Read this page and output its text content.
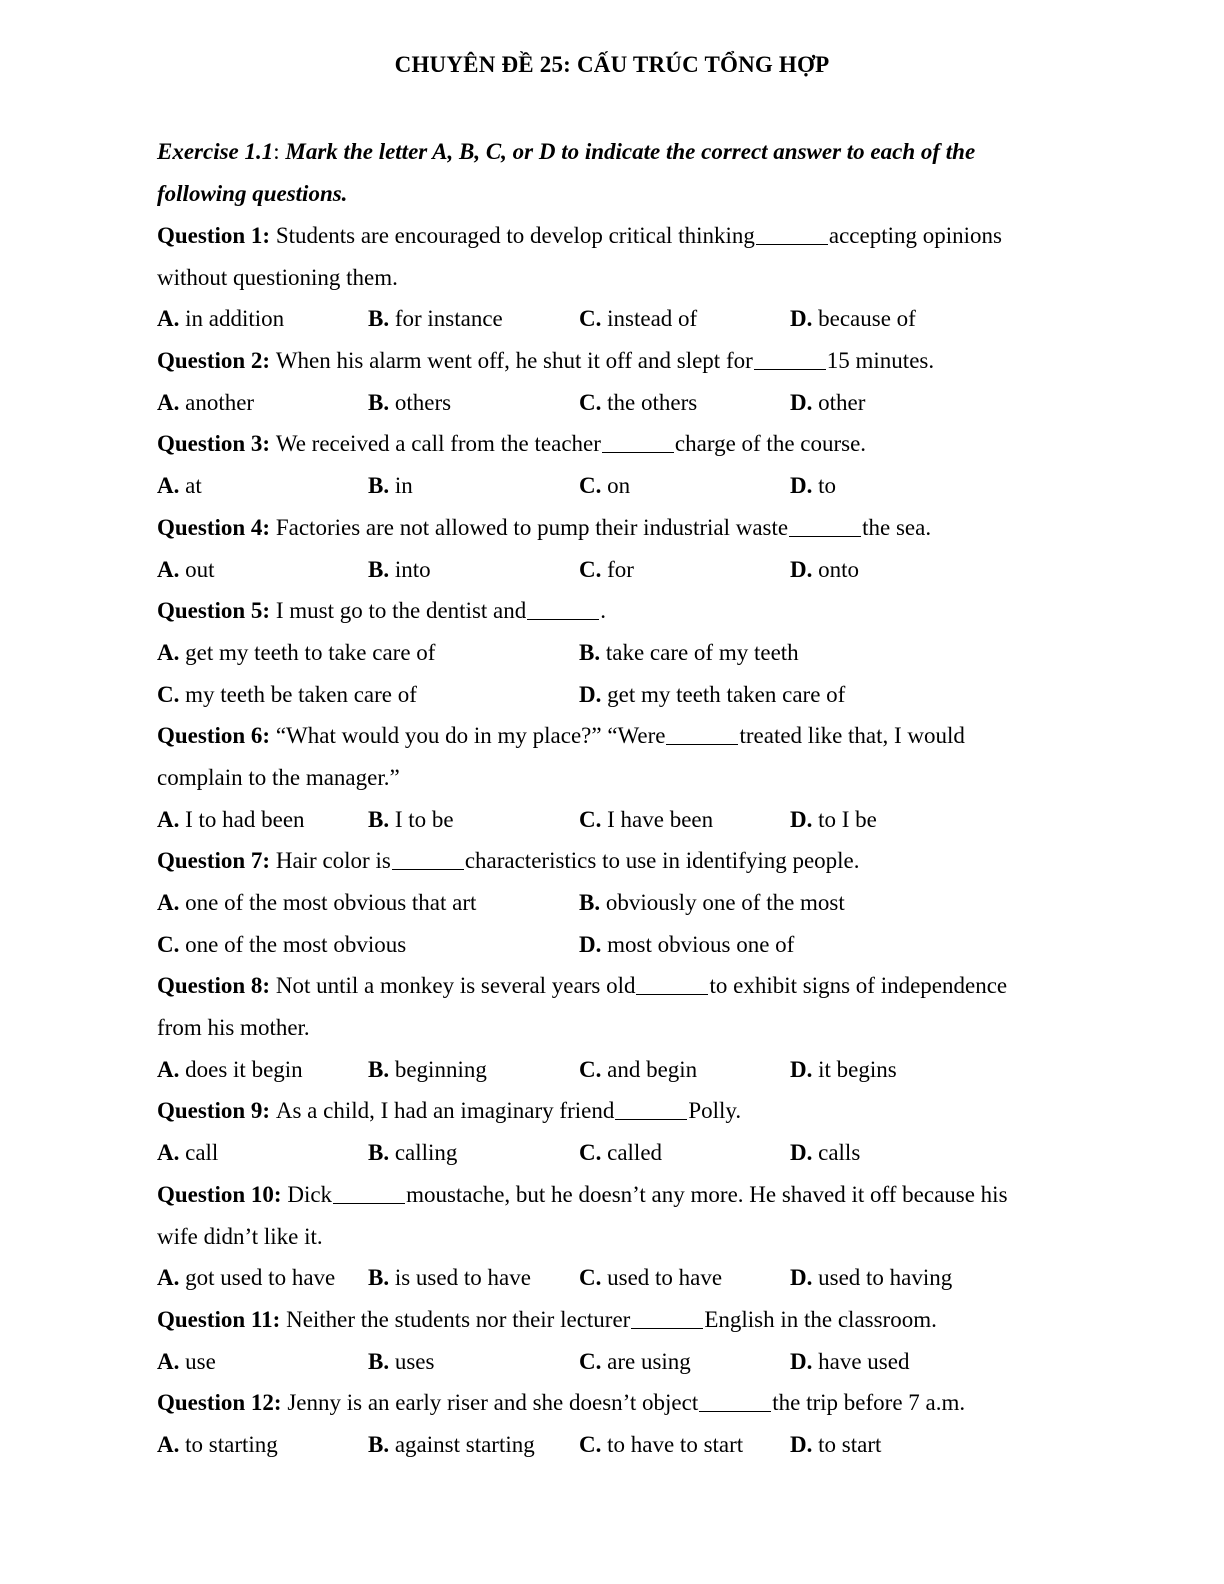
CHUYÊN ĐỀ 25: CẤU TRÚC TỔNG HỢP
Exercise 1.1: Mark the letter A, B, C, or D to indicate the correct answer to each of the
following questions.
Question 1: Students are encouraged to develop critical thinking	accepting opinions
without questioning them.
A. in addition	B. for instance	C. instead of	D. because of
Question 2: When his alarm went off, he shut it off and slept for	15 minutes.
A. another	B. others	C. the others	D. other
Question 3: We received a call from the teacher	charge of the course.
A. at	B. in	C. on	D. to
Question 4: Factories are not allowed to pump their industrial waste	the sea.
A. out	B. into	C. for	D. onto
Question 5: I must go to the dentist and	.
A. get my teeth to take care of	B. take care of my teeth
C. my teeth be taken care of	D. get my teeth taken care of
Question 6: “What would you do in my place?” “Were	treated like that, I would
complain to the manager.”
A. I to had been	B. I to be	C. I have been	D. to I be
Question 7: Hair color is	characteristics to use in identifying people.
A. one of the most obvious that art	B. obviously one of the most
C. one of the most obvious	D. most obvious one of
Question 8: Not until a monkey is several years old	to exhibit signs of independence
from his mother.
A. does it begin	B. beginning	C. and begin	D. it begins
Question 9: As a child, I had an imaginary friend	Polly.
A. call	B. calling	C. called	D. calls
Question 10: Dick	moustache, but he doesn’t any more. He shaved it off because his
wife didn’t like it.
A. got used to have B. is used to have C. used to have	D. used to having
Question 11: Neither the students nor their lecturer	English in the classroom.
A. use	B. uses	C. are using	D. have used
Question 12: Jenny is an early riser and she doesn’t object	the trip before 7 a.m.
A. to starting	B. against starting C. to have to start D. to start
